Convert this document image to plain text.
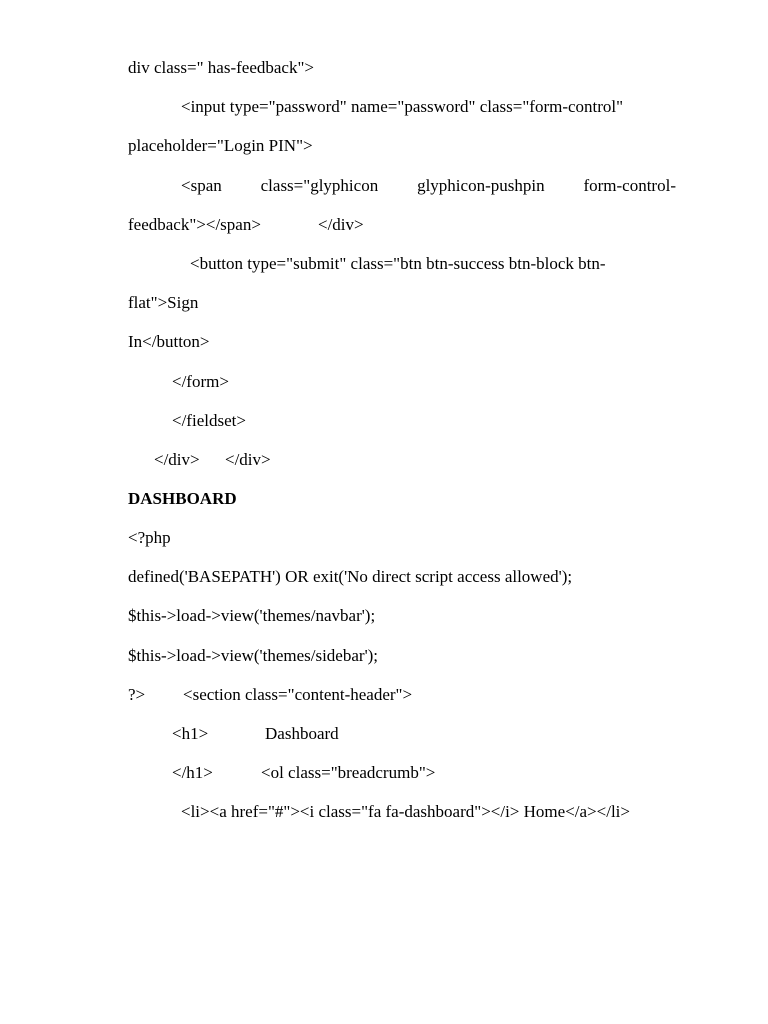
div class=" has-feedback">
<input type="password" name="password" class="form-control"
placeholder="Login PIN">
<span class="glyphicon glyphicon-pushpin form-control-
feedback"></span>	</div>
<button type="submit" class="btn btn-success btn-block btn-
flat">Sign
In</button>
</form>
</fieldset>
</div> </div>
DASHBOARD
<?php
defined('BASEPATH') OR exit('No direct script access allowed');
$this->load->view('themes/navbar');
$this->load->view('themes/sidebar');
?> <section class="content-header">
<h1>	Dashboard
</h1>	<ol class="breadcrumb">
<li><a href="#"><i class="fa fa-dashboard"></i> Home</a></li>
